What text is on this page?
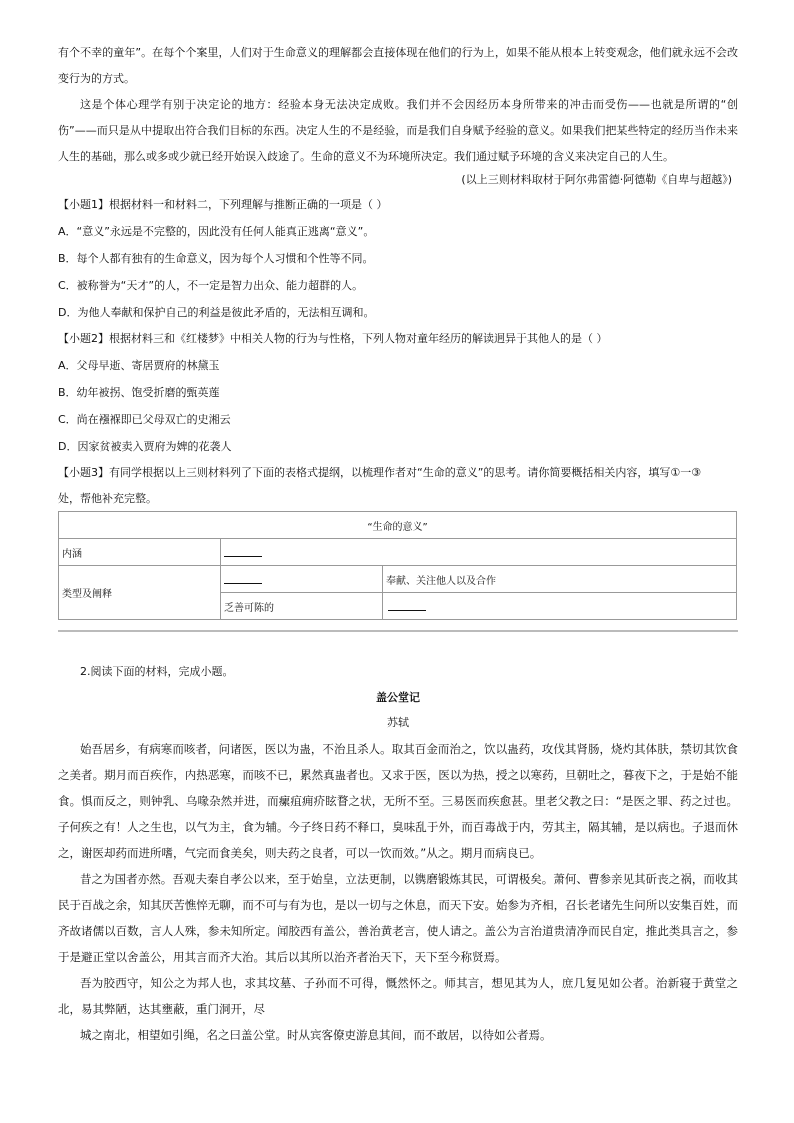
有个不幸的童年”。在每个个案里，人们对于生命意义的理解都会直接体现在他们的行为上，如果不能从根本上转变观念，他们就永远不会改变行为的方式。

这是个体心理学有别于决定论的地方：经验本身无法决定成败。我们并不会因经历本身所带来的冲击而受伤——也就是所谓的“创伤”——而只是从中提取出符合我们目标的东西。决定人生的不是经验，而是我们自身赋予经验的意义。如果我们把某些特定的经历当作未来人生的基础，那么或多或少就已经开始误入歧途了。生命的意义不为环境所决定。我们通过赋予环境的含义来决定自己的人生。

(以上三则材料取材于阿尔弗雷德·阿德勒《自卑与超越》)
【小题1】根据材料一和材料二，下列理解与推断正确的一项是（ ）
A．“意义”永远是不完整的，因此没有任何人能真正逃离“意义”。
B．每个人都有独有的生命意义，因为每个人习惯和个性等不同。
C．被称誉为“天才”的人，不一定是智力出众、能力超群的人。
D．为他人奉献和保护自己的利益是彼此矛盾的，无法相互调和。
【小题2】根据材料三和《红楼梦》中相关人物的行为与性格，下列人物对童年经历的解读迥异于其他人的是（ ）
A．父母早逝、寄居贾府的林黛玉
B．幼年被拐、饱受折磨的甄英莲
C．尚在襁褓即已父母双亡的史湘云
D．因家贫被卖入贾府为婢的花袭人
【小题3】有同学根据以上三则材料列了下面的表格式提纲，以梳理作者对“生命的意义”的思考。请你简要概括相关内容，填写①一③
处，帮他补充完整。
“生命的意义”		
内涵		
类型及阐释		奉献、关注他人以及合作
	乏善可陈的	
2.阅读下面的材料，完成小题。
盖公堂记
苏轼

始吾居乡，有病寒而咳者，问诸医，医以为蛊，不治且杀人。取其百金而治之，饮以蛊药，攻伐其肾肠，烧灼其体肤，禁切其饮食之美者。期月而百疾作，内热恶寒，而咳不已，累然真蛊者也。又求于医，医以为热，授之以寒药，旦朝吐之，暮夜下之，于是始不能食。惧而反之，则钟乳、乌喙杂然并进，而瘰疽痈疥眩瞀之状，无所不至。三易医而疾愈甚。里老父教之曰：“是医之罪、药之过也。子何疾之有！人之生也，以气为主，食为辅。今子终日药不释口，臭味乱于外，而百毒战于内，劳其主，隔其辅，是以病也。子退而休之，谢医却药而进所嗜，气完而食美矣，则夫药之良者，可以一饮而效。”从之。期月而病良已。

昔之为国者亦然。吾观夫秦自孝公以来，至于始皇，立法更制，以镌磨锻炼其民，可谓极矣。萧何、曹参亲见其斫丧之祸，而收其民于百战之余，知其厌苦憔悴无聊，而不可与有为也，是以一切与之休息，而天下安。始参为齐相，召长老诸先生问所以安集百姓，而齐故诸儒以百数，言人人殊，参未知所定。闻胶西有盖公，善治黄老言，使人请之。盖公为言治道贵清净而民自定，推此类具言之，参于是避正堂以舍盖公，用其言而齐大治。其后以其所以治齐者治天下，天下至今称贤焉。

吾为胶西守，知公之为邦人也，求其坟墓、子孙而不可得，慨然怀之。师其言，想见其为人，庶几复见如公者。治新寝于黄堂之北，易其弊陋，达其壅蔽，重门洞开，尽

城之南北，相望如引绳，名之曰盖公堂。时从宾客僚吏游息其间，而不敢居，以待如公者焉。
